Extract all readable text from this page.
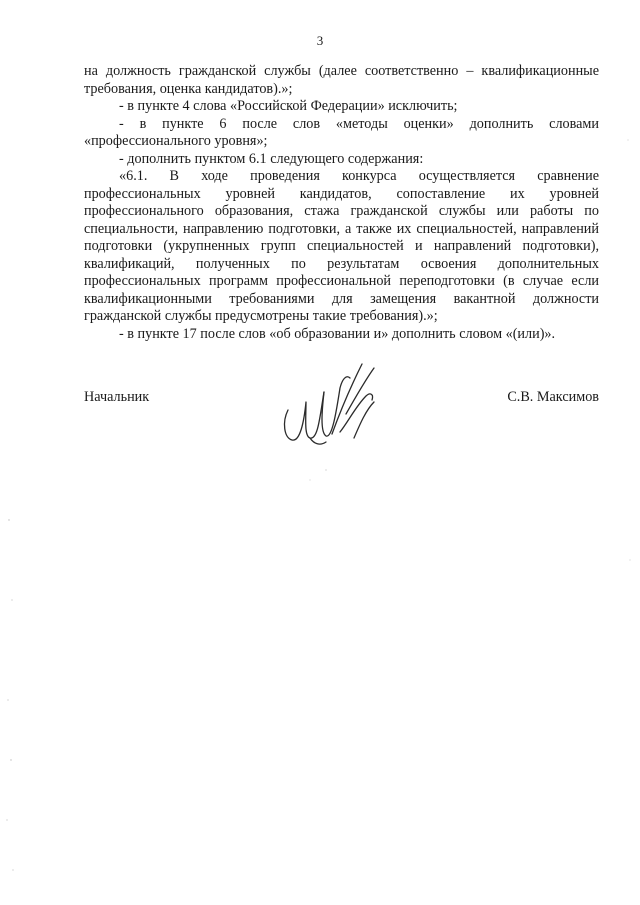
3

на должность гражданской службы (далее соответственно – квалификационные требования, оценка кандидатов).»;

- в пункте 4 слова «Российской Федерации» исключить;

- в пункте 6 после слов «методы оценки» дополнить словами «профессионального уровня»;

- дополнить пунктом 6.1 следующего содержания:

«6.1. В ходе проведения конкурса осуществляется сравнение профессиональных уровней кандидатов, сопоставление их уровней профессионального образования, стажа гражданской службы или работы по специальности, направлению подготовки, а также их специальностей, направлений подготовки (укрупненных групп специальностей и направлений подготовки), квалификаций, полученных по результатам освоения дополнительных профессиональных программ профессиональной переподготовки (в случае если квалификационными требованиями для замещения вакантной должности гражданской службы предусмотрены такие требования).»;

- в пункте 17 после слов «об образовании и» дополнить словом «(или)».

Начальник	С.В. Максимов
